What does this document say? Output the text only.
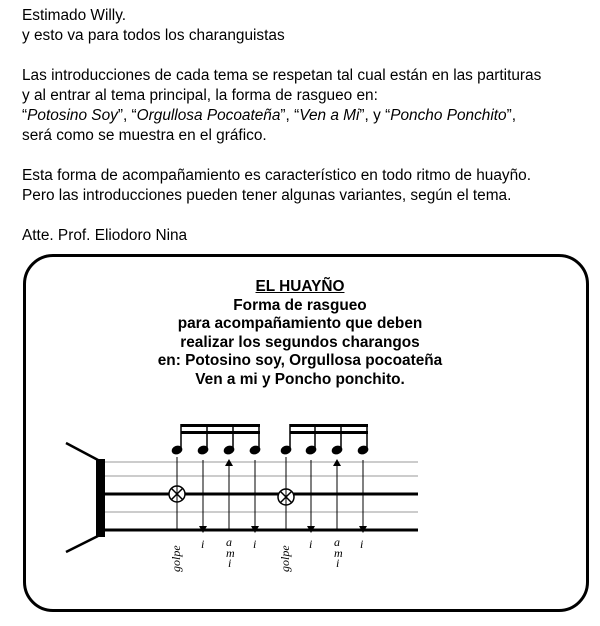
Estimado Willy.

y esto va para todos los charanguistas

Las introducciones de cada tema se respetan tal cual están en las partituras

y al entrar al tema principal, la forma de rasgueo en:

“Potosino Soy”, “Orgullosa Pocoateña”, “Ven a Mi”, y “Poncho Ponchito”,

será como se muestra en el gráfico.

Esta forma de acompañamiento es característico en todo ritmo de huayño.

Pero las introducciones pueden tener algunas variantes, según el tema.

Atte. Prof. Eliodoro Nina

EL HUAYÑO
Forma de rasgueo
para acompañamiento que deben
realizar los segundos charangos
en: Potosino soy, Orgullosa pocoateña
Ven a mi y Poncho ponchito.
golpe
i a
m
i
i
golpe
i a
m
i
i
